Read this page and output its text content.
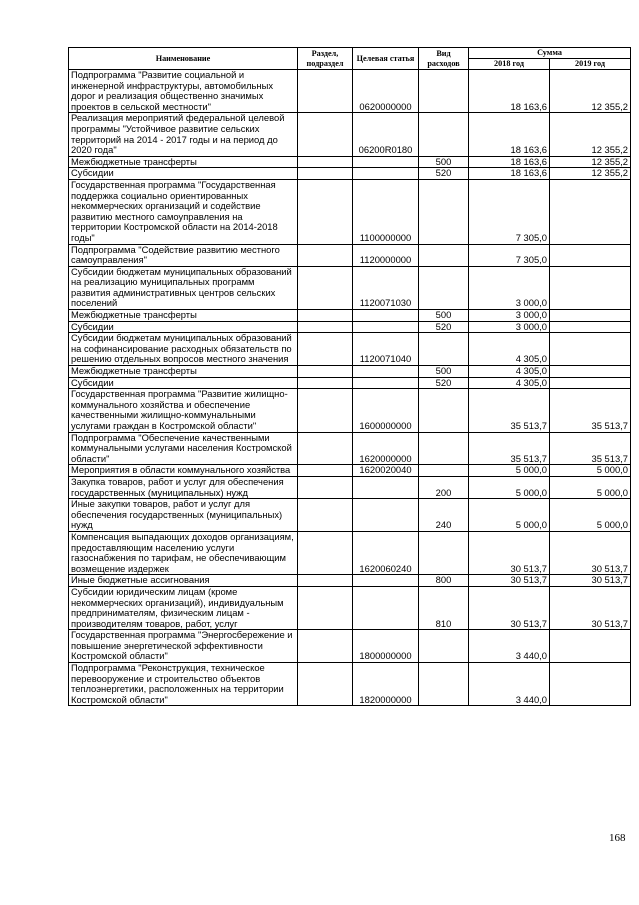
Наименование	Раздел, подраздел	Целевая статья	Вид расходов	Сумма	
				2018 год	2019 год
Подпрограмма "Развитие социальной и инженерной инфраструктуры, автомобильных дорог и реализация общественно значимых проектов в сельской местности"		0620000000		18 163,6	12 355,2
Реализация мероприятий федеральной целевой программы "Устойчивое развитие сельских территорий на 2014 - 2017 годы и на период до 2020 года"		06200R0180		18 163,6	12 355,2
Межбюджетные трансферты			500	18 163,6	12 355,2
Субсидии			520	18 163,6	12 355,2
Государственная программа "Государственная поддержка социально ориентированных некоммерческих организаций и содействие развитию местного самоуправления на территории Костромской области на 2014-2018 годы"		1100000000		7 305,0	
Подпрограмма "Содействие развитию местного самоуправления"		1120000000		7 305,0	
Субсидии бюджетам муниципальных образований на реализацию муниципальных программ развития административных центров сельских поселений		1120071030		3 000,0	
Межбюджетные трансферты			500	3 000,0	
Субсидии			520	3 000,0	
Субсидии бюджетам муниципальных образований на софинансирование расходных обязательств по решению отдельных вопросов местного значения		1120071040		4 305,0	
Межбюджетные трансферты			500	4 305,0	
Субсидии			520	4 305,0	
Государственная программа "Развитие жилищно-коммунального хозяйства и обеспечение качественными жилищно-коммунальными услугами граждан в Костромской области"		1600000000		35 513,7	35 513,7
Подпрограмма "Обеспечение качественными коммунальными услугами населения Костромской области"		1620000000		35 513,7	35 513,7
Мероприятия в области коммунального хозяйства		1620020040		5 000,0	5 000,0
Закупка товаров, работ и услуг для обеспечения государственных (муниципальных) нужд			200	5 000,0	5 000,0
Иные закупки товаров, работ и услуг для обеспечения государственных (муниципальных) нужд			240	5 000,0	5 000,0
Компенсация выпадающих доходов организациям, предоставляющим населению услуги газоснабжения по тарифам, не обеспечивающим возмещение издержек		1620060240		30 513,7	30 513,7
Иные бюджетные ассигнования			800	30 513,7	30 513,7
Субсидии юридическим лицам (кроме некоммерческих организаций), индивидуальным предпринимателям, физическим лицам - производителям товаров, работ, услуг			810	30 513,7	30 513,7
Государственная программа "Энергосбережение и повышение энергетической эффективности Костромской области"		1800000000		3 440,0	
Подпрограмма "Реконструкция, техническое перевооружение и строительство объектов теплоэнергетики, расположенных на территории Костромской области"		1820000000		3 440,0	
168
